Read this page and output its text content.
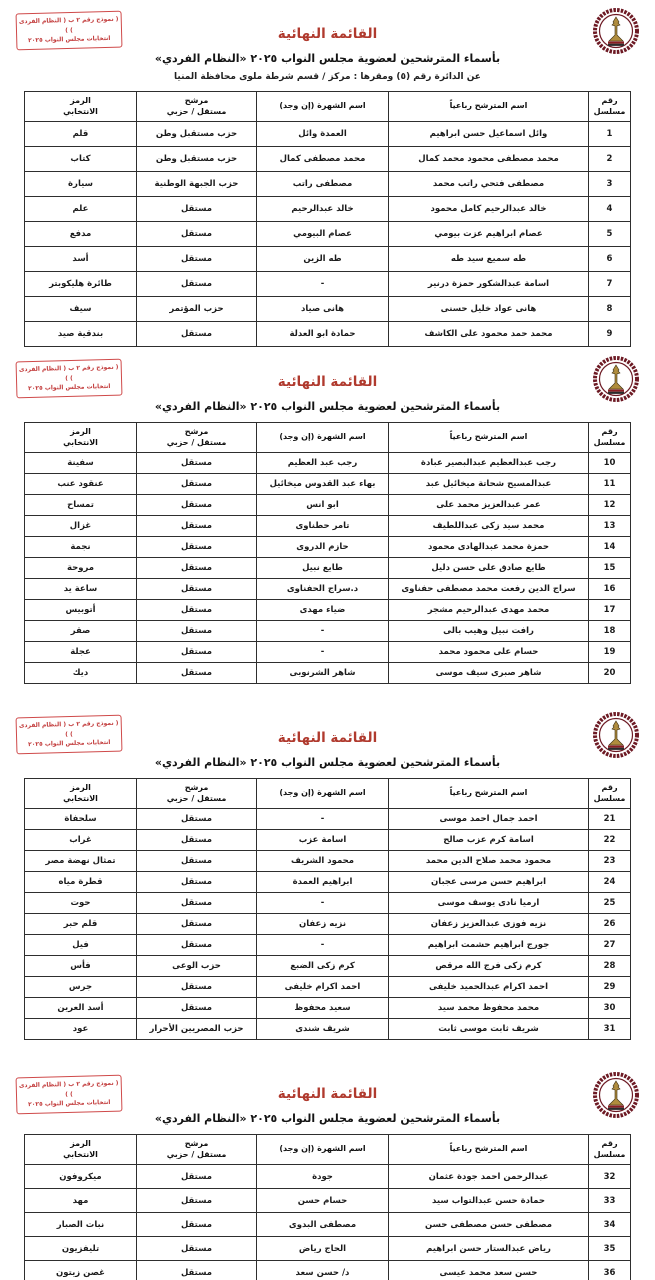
( نموذج رقم ٢ ب ( النظام الفردى ) )
انتخابات مجلس النواب ٢٠٢٥	القائمة النهائية
بأسماء المترشحين لعضوية مجلس النواب ٢٠٢٥ «النظام الفردي»
عن الدائرة رقم (٥) ومقرها : مركز / قسم شرطة ملوى محافظة المنيا
رقم
مسلسل	اسم المترشح رباعياً	اسم الشهرة (إن وجد)	مرشح
مستقل / حزبي	الرمز
الانتخابي

1	وائل اسماعيل حسن ابراهيم	العمدة وائل	حزب مستقبل وطن	قلم
2	محمد مصطفى محمود محمد كمال	محمد مصطفى كمال	حزب مستقبل وطن	كتاب
3	مصطفى فتحي راتب محمد	مصطفى راتب	حزب الجبهة الوطنية	سيارة
4	خالد عبدالرحيم كامل محمود	خالد عبدالرحيم	مستقل	علم
5	عصام ابراهيم عزت بيومي	عصام البيومي	مستقل	مدفع
6	طه سميع سيد طه	طه الزين	مستقل	أسد
7	اسامة عبدالشكور حمزة درنير	-	مستقل	طائرة هليكوبتر
8	هانى عواد خليل حسنى	هانى صياد	حزب المؤتمر	سيف
9	محمد حمد محمود على الكاشف	حمادة ابو العدلة	مستقل	بندقية صيد
( نموذج رقم ٢ ب ( النظام الفردى ) )
انتخابات مجلس النواب ٢٠٢٥	القائمة النهائية
بأسماء المترشحين لعضوية مجلس النواب ٢٠٢٥ «النظام الفردي»
رقم
مسلسل	اسم المترشح رباعياً	اسم الشهرة (إن وجد)	مرشح
مستقل / حزبي	الرمز
الانتخابي

10	رجب عبدالعظيم عبدالبصير عبادة	رجب عبد العظيم	مستقل	سفينة
11	عبدالمسيح شحاتة ميخائيل عبد	بهاء عبد القدوس ميخائيل	مستقل	عنقود عنب
12	عمر عبدالعزيز محمد على	ابو انس	مستقل	تمساح
13	محمد سيد زكى عبداللطيف	تامر حطناوى	مستقل	غزال
14	حمزة محمد عبدالهادى محمود	حازم الدروى	مستقل	نجمة
15	طايع صادق على حسن دليل	طايع نبيل	مستقل	مروحة
16	سراج الدين رفعت محمد مصطفى حفناوى	د.سراج الحفناوى	مستقل	ساعة يد
17	محمد مهدى عبدالرحيم مشجر	ضياء مهدى	مستقل	أتوبيس
18	رافت نبيل وهيب بالى	-	مستقل	صقر
19	حسام على محمود محمد	-	مستقل	عجلة
20	شاهر صبرى سيف موسى	شاهر الشرنوبى	مستقل	ديك
( نموذج رقم ٢ ب ( النظام الفردى ) )
انتخابات مجلس النواب ٢٠٢٥	القائمة النهائية
بأسماء المترشحين لعضوية مجلس النواب ٢٠٢٥ «النظام الفردي»
رقم
مسلسل	اسم المترشح رباعياً	اسم الشهرة (إن وجد)	مرشح
مستقل / حزبي	الرمز
الانتخابي

21	احمد جمال احمد موسى	-	مستقل	سلحفاة
22	اسامة كرم عزب صالح	اسامة عزب	مستقل	غراب
23	محمود محمد صلاح الدين محمد	محمود الشريف	مستقل	تمثال نهضة مصر
24	ابراهيم حسن مرسى عجبان	ابراهيم العمدة	مستقل	قطرة مياه
25	ارميا نادى يوسف موسى	-	مستقل	حوت
26	نزيه فوزى عبدالعزيز زعفان	نزيه زعفان	مستقل	قلم حبر
27	جورج ابراهيم حشمت ابراهيم	-	مستقل	فيل
28	كرم زكى فرج الله مرقص	كرم زكى الضبع	حزب الوعى	فأس
29	احمد اكرام عبدالحميد خليفى	احمد اكرام خليفى	مستقل	جرس
30	محمد محفوظ محمد سيد	سعيد محفوظ	مستقل	أسد العرين
31	شريف ثابت موسى ثابت	شريف شندى	حزب المصريين الأحرار	عود
( نموذج رقم ٢ ب ( النظام الفردى ) )
انتخابات مجلس النواب ٢٠٢٥
القائمة النهائية
بأسماء المترشحين لعضوية مجلس النواب ٢٠٢٥ «النظام الفردي»
رقم
مسلسل	اسم المترشح رباعياً	اسم الشهرة (إن وجد)	مرشح
مستقل / حزبي	الرمز
الانتخابي

32	عبدالرحمن احمد جودة عثمان	جودة	مستقل	ميكروفون
33	حمادة حسن عبدالتواب سيد	حسام حسن	مستقل	مهد
34	مصطفى حسن مصطفى حسن	مصطفى البدوى	مستقل	نبات الصبار
35	رياض عبدالستار حسن ابراهيم	الحاج رياض	مستقل	تليفزيون
36	حسن سعد محمد عيسى	د/ حسن سعد	مستقل	غصن زيتون
